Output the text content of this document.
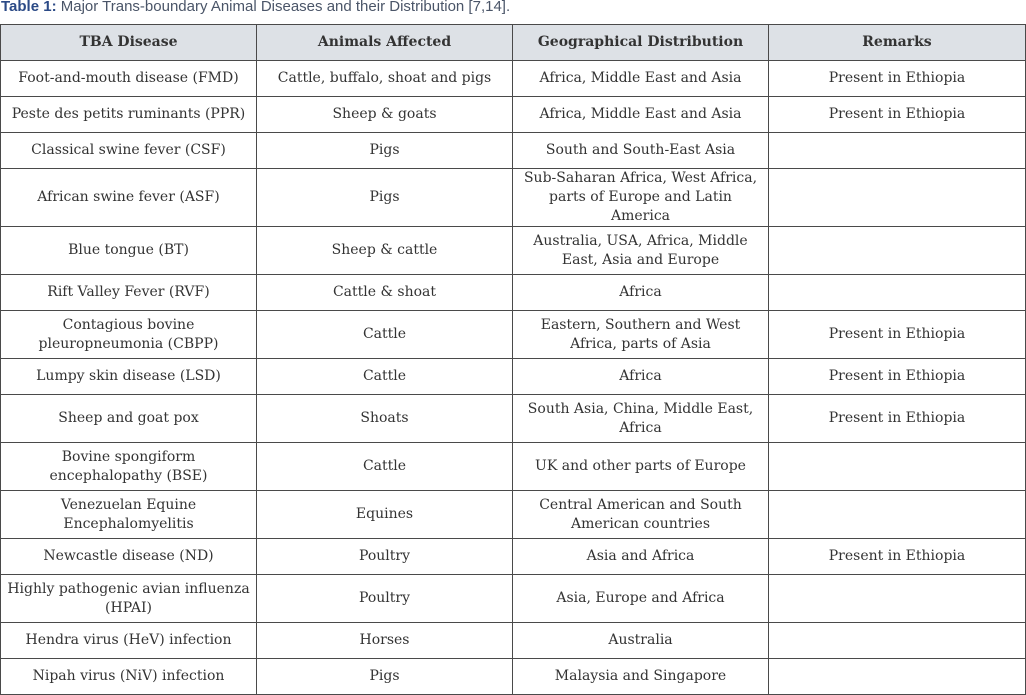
Table 1: Major Trans-boundary Animal Diseases and their Distribution [7,14].
TBA Disease	Animals Affected	Geographical Distribution	Remarks
Foot-and-mouth disease (FMD)	Cattle, buffalo, shoat and pigs	Africa, Middle East and Asia	Present in Ethiopia
Peste des petits ruminants (PPR)	Sheep & goats	Africa, Middle East and Asia	Present in Ethiopia
Classical swine fever (CSF)	Pigs	South and South-East Asia	
African swine fever (ASF)	Pigs	Sub-Saharan Africa, West Africa, parts of Europe and Latin America	
Blue tongue (BT)	Sheep & cattle	Australia, USA, Africa, Middle East, Asia and Europe	
Rift Valley Fever (RVF)	Cattle & shoat	Africa	
Contagious bovine pleuropneumonia (CBPP)	Cattle	Eastern, Southern and West Africa, parts of Asia	Present in Ethiopia
Lumpy skin disease (LSD)	Cattle	Africa	Present in Ethiopia
Sheep and goat pox	Shoats	South Asia, China, Middle East, Africa	Present in Ethiopia
Bovine spongiform encephalopathy (BSE)	Cattle	UK and other parts of Europe	
Venezuelan Equine Encephalomyelitis	Equines	Central American and South American countries	
Newcastle disease (ND)	Poultry	Asia and Africa	Present in Ethiopia
Highly pathogenic avian influenza (HPAI)	Poultry	Asia, Europe and Africa	
Hendra virus (HeV) infection	Horses	Australia	
Nipah virus (NiV) infection	Pigs	Malaysia and Singapore	
